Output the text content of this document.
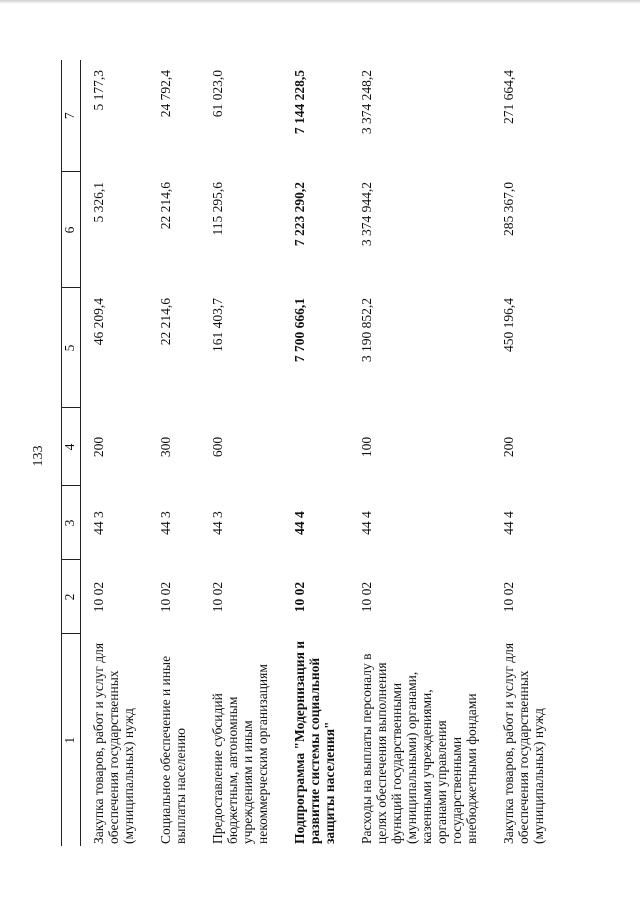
133
1	2	3	4	5	6	7
Закупка товаров, работ и услуг для обеспечения государственных (муниципальных) нужд	10 02	44 3	200	46 209,4	5 326,1	5 177,3
Социальное обеспечение и иные выплаты населению	10 02	44 3	300	22 214,6	22 214,6	24 792,4
Предоставление субсидий бюджетным, автономным учреждениям и иным некоммерческим организациям	10 02	44 3	600	161 403,7	115 295,6	61 023,0
Подпрограмма "Модернизация и развитие системы социальной защиты населения"	10 02	44 4		7 700 666,1	7 223 290,2	7 144 228,5
Расходы на выплаты персоналу в целях обеспечения выполнения функций государственными (муниципальными) органами, казенными учреждениями, органами управления государственными внебюджетными фондами	10 02	44 4	100	3 190 852,2	3 374 944,2	3 374 248,2
Закупка товаров, работ и услуг для обеспечения государственных (муниципальных) нужд	10 02	44 4	200	450 196,4	285 367,0	271 664,4
